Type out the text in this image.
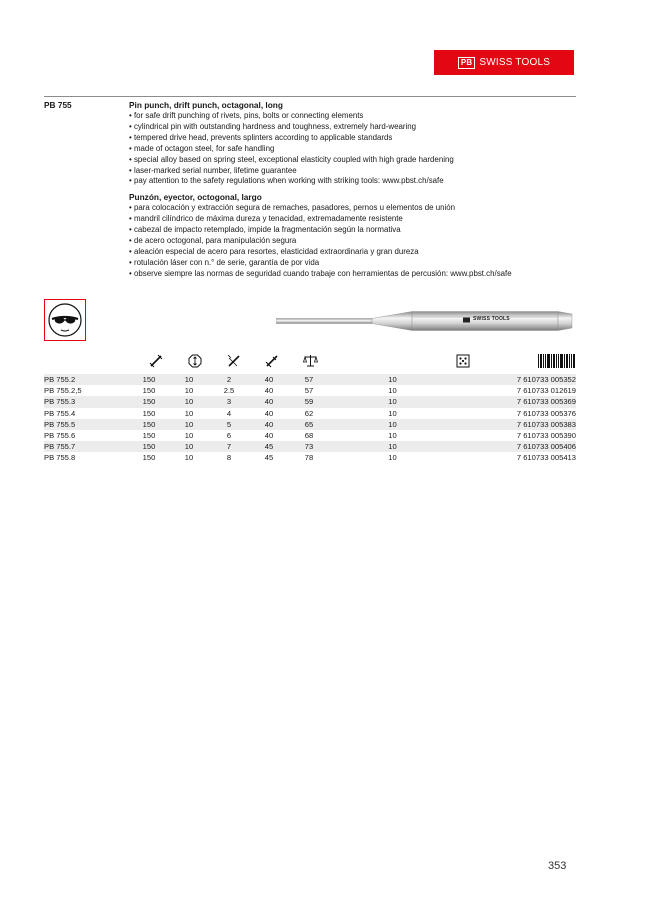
PB SWISS TOOLS
PB 755	Pin punch, drift punch, octagonal, long
• for safe drift punching of rivets, pins, bolts or connecting elements
• cylindrical pin with outstanding hardness and toughness, extremely hard-wearing
• tempered drive head, prevents splinters according to applicable standards
• made of octagon steel, for safe handling
• special alloy based on spring steel, exceptional elasticity coupled with high grade hardening
• laser-marked serial number, lifetime guarantee
• pay attention to the safety regulations when working with striking tools: www.pbst.ch/safe
Punzón, eyector, octogonal, largo
• para colocación y extracción segura de remaches, pasadores, pernos u elementos de unión
• mandril cilíndrico de máxima dureza y tenacidad, extremadamente resistente
• cabezal de impacto retemplado, impide la fragmentación según la normativa
• de acero octogonal, para manipulación segura
• aleación especial de acero para resortes, elasticidad extraordinaria y gran dureza
• rotulación láser con n.° de serie, garantía de por vida
• observe siempre las normas de seguridad cuando trabaje con herramientas de percusión: www.pbst.ch/safe
SWISS TOOLS
PB 755.2	150	10	2	40	57	10	7 610733 005352
PB 755.2,5	150	10	2.5	40	57	10	7 610733 012619
PB 755.3	150	10	3	40	59	10	7 610733 005369
PB 755.4	150	10	4	40	62	10	7 610733 005376
PB 755.5	150	10	5	40	65	10	7 610733 005383
PB 755.6	150	10	6	40	68	10	7 610733 005390
PB 755.7	150	10	7	45	73	10	7 610733 005406
PB 755.8	150	10	8	45	78	10	7 610733 005413
353
